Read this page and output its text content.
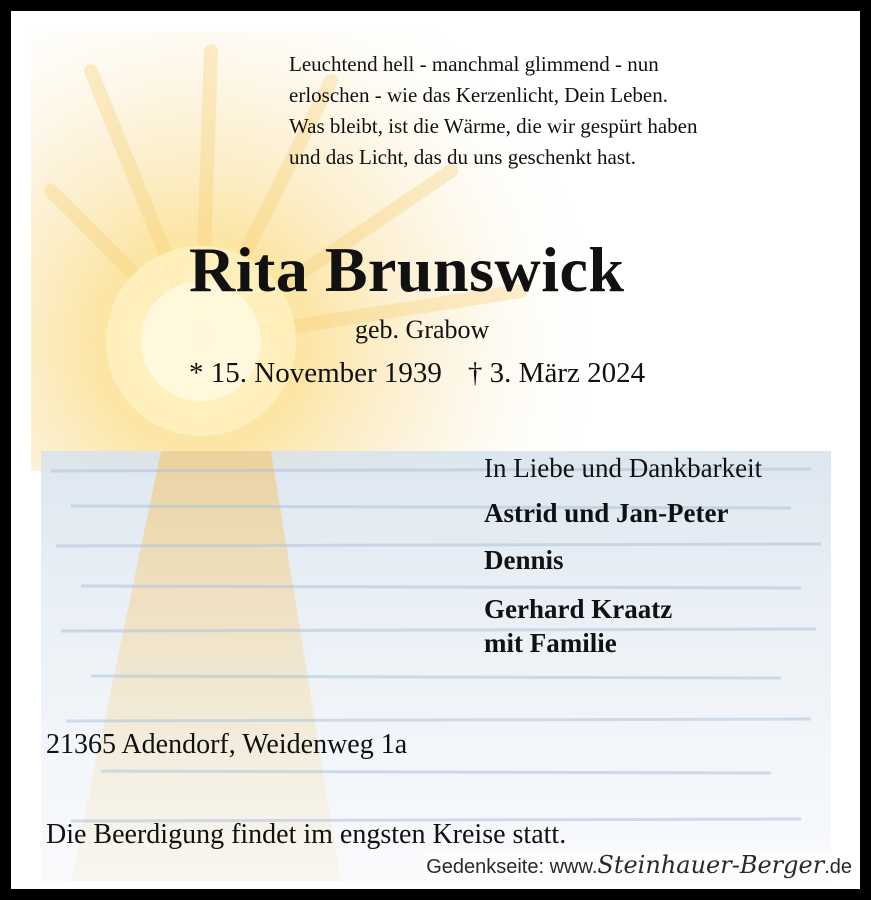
Leuchtend hell - manchmal glimmend - nun
erloschen - wie das Kerzenlicht, Dein Leben.
Was bleibt, ist die Wärme, die wir gespürt haben
und das Licht, das du uns geschenkt hast.
Rita Brunswick
geb. Grabow
* 15. November 1939 † 3. März 2024
In Liebe und Dankbarkeit
Astrid und Jan-Peter
Dennis
Gerhard Kraatz
mit Familie
21365 Adendorf, Weidenweg 1a
Die Beerdigung findet im engsten Kreise statt.
Gedenkseite: www.Steinhauer-Berger.de
